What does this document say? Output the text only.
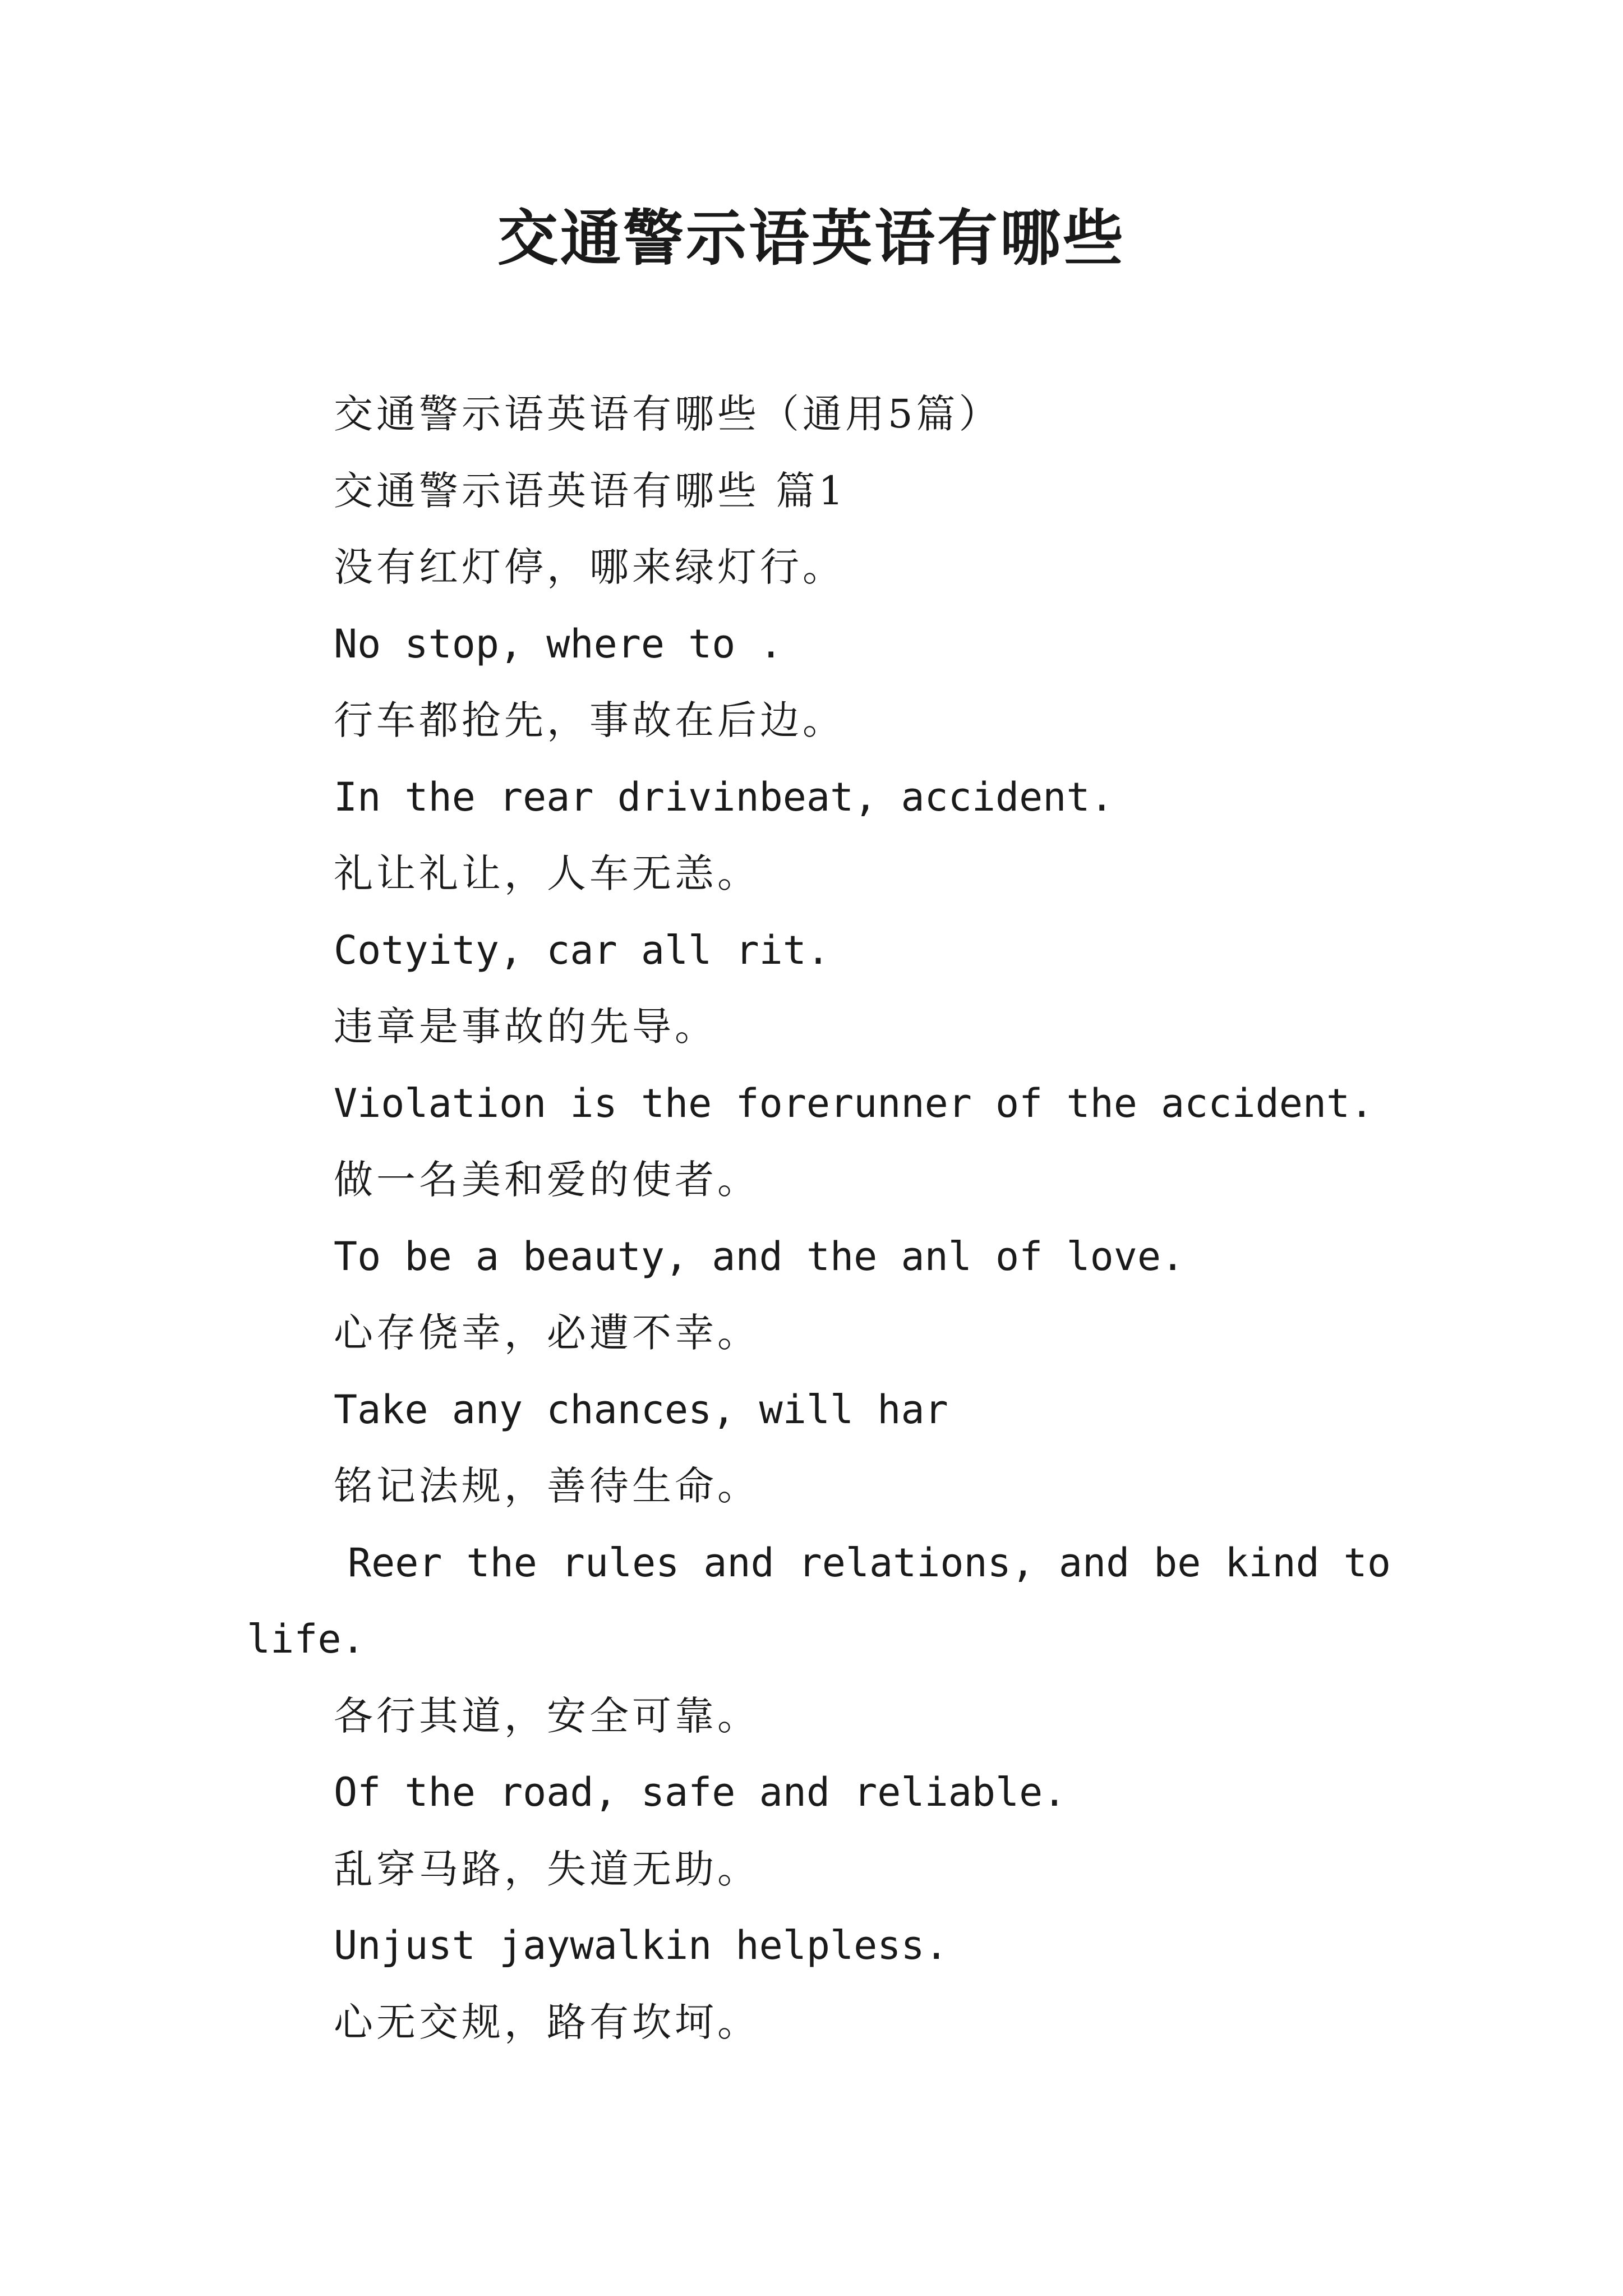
交通警示语英语有哪些

交通警示语英语有哪些（通用5篇）

交通警示语英语有哪些 篇1

没有红灯停，哪来绿灯行。

No stop, where to .

行车都抢先，事故在后边。

In the rear drivinbeat, accident.

礼让礼让，人车无恙。

Cotyity, car all rit.

违章是事故的先导。

Violation is the forerunner of the accident.

做一名美和爱的使者。

To be a beauty, and the anl of love.

心存侥幸，必遭不幸。

Take any chances, will har

铭记法规，善待生命。

Reer the rules and relations, and be kind to

life.

各行其道，安全可靠。

Of the road, safe and reliable.

乱穿马路，失道无助。

Unjust jaywalkin helpless.

心无交规，路有坎坷。
